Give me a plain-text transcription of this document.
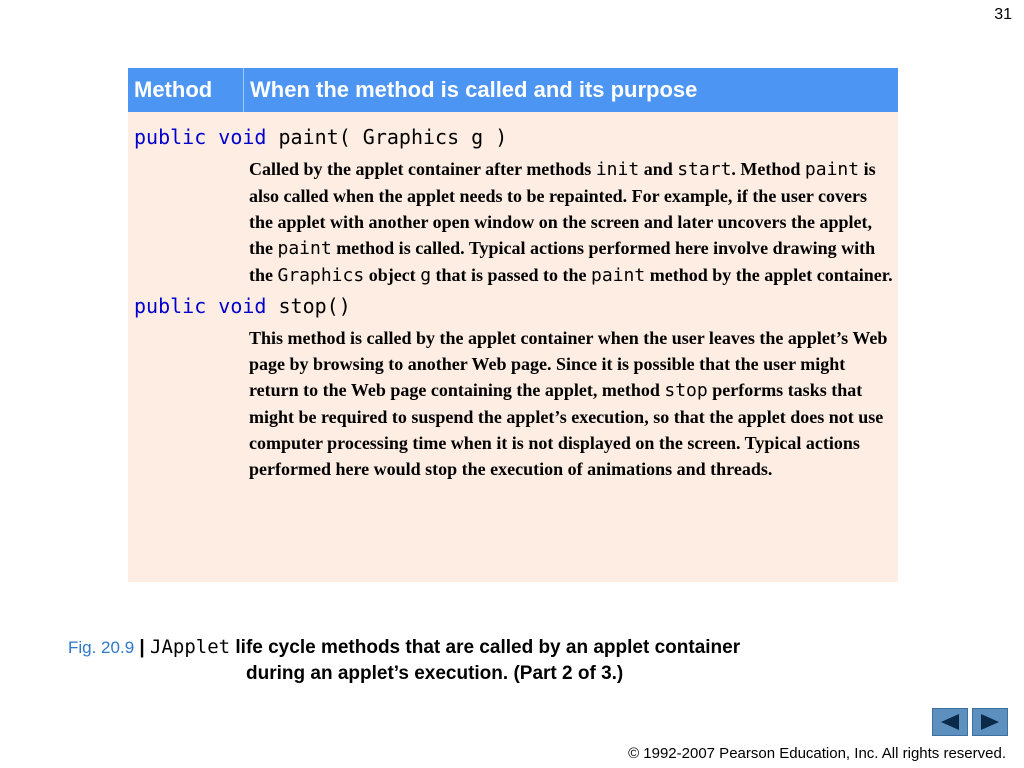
31
Method	When the method is called and its purpose
public void paint( Graphics g )
Called by the applet container after methods init and start. Method paint is also called when the applet needs to be repainted. For example, if the user covers the applet with another open window on the screen and later uncovers the applet, the paint method is called. Typical actions performed here involve drawing with the Graphics object g that is passed to the paint method by the applet container.
public void stop()
This method is called by the applet container when the user leaves the applet’s Web page by browsing to another Web page. Since it is possible that the user might return to the Web page containing the applet, method stop performs tasks that might be required to suspend the applet’s execution, so that the applet does not use computer processing time when it is not displayed on the screen. Typical actions performed here would stop the execution of animations and threads.
Fig. 20.9 | JApplet life cycle methods that are called by an applet container
during an applet’s execution. (Part 2 of 3.)
© 1992-2007 Pearson Education, Inc. All rights reserved.
